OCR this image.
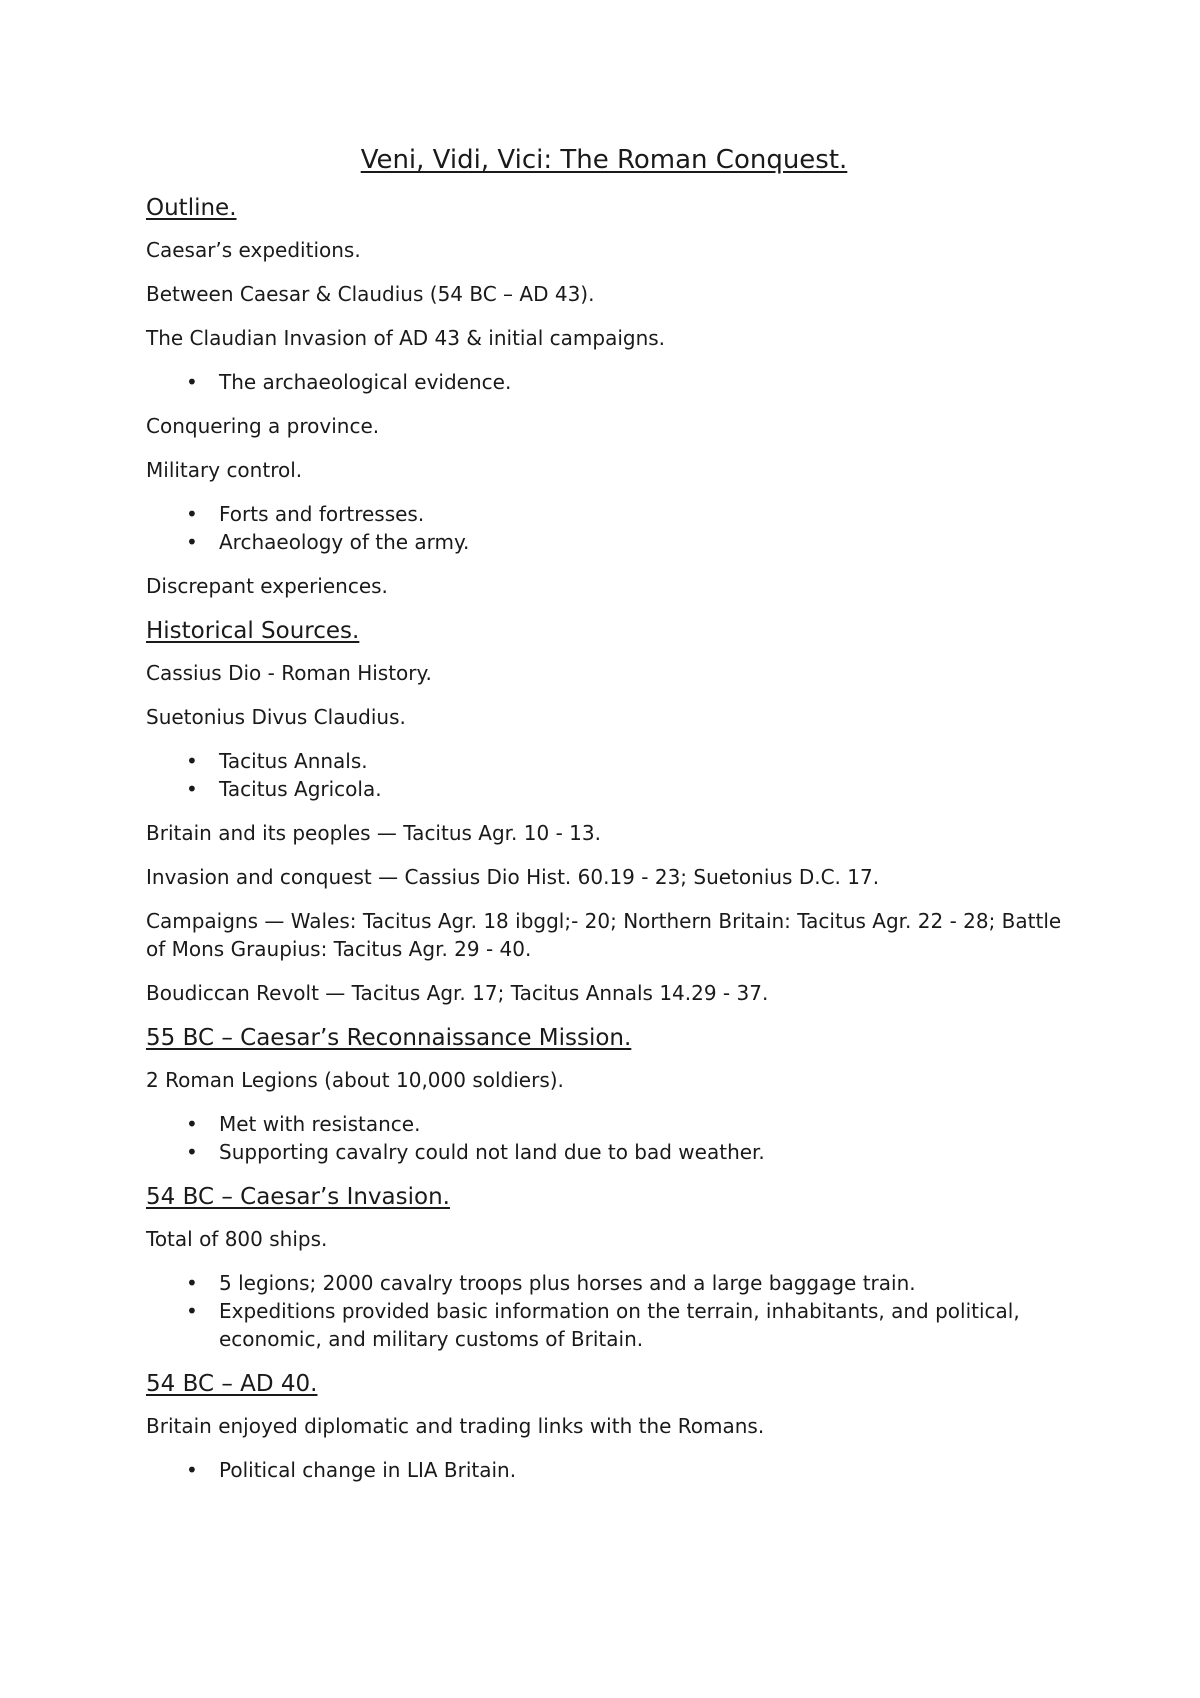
Veni, Vidi, Vici: The Roman Conquest.
Outline.
Caesar’s expeditions.
Between Caesar & Claudius (54 BC – AD 43).
The Claudian Invasion of AD 43 & initial campaigns.
• The archaeological evidence.
Conquering a province.
Military control.
• Forts and fortresses.
• Archaeology of the army.
Discrepant experiences.
Historical Sources.
Cassius Dio - Roman History.
Suetonius Divus Claudius.
• Tacitus Annals.
• Tacitus Agricola.
Britain and its peoples — Tacitus Agr. 10 - 13.
Invasion and conquest — Cassius Dio Hist. 60.19 - 23; Suetonius D.C. 17.
Campaigns — Wales: Tacitus Agr. 18 ibggl;- 20; Northern Britain: Tacitus Agr. 22 - 28; Battle of Mons Graupius: Tacitus Agr. 29 - 40.
Boudiccan Revolt — Tacitus Agr. 17; Tacitus Annals 14.29 - 37.
55 BC – Caesar’s Reconnaissance Mission.
2 Roman Legions (about 10,000 soldiers).
• Met with resistance.
• Supporting cavalry could not land due to bad weather.
54 BC – Caesar’s Invasion.
Total of 800 ships.
• 5 legions; 2000 cavalry troops plus horses and a large baggage train.
• Expeditions provided basic information on the terrain, inhabitants, and political, economic, and military customs of Britain.
54 BC – AD 40.
Britain enjoyed diplomatic and trading links with the Romans.
• Political change in LIA Britain.
